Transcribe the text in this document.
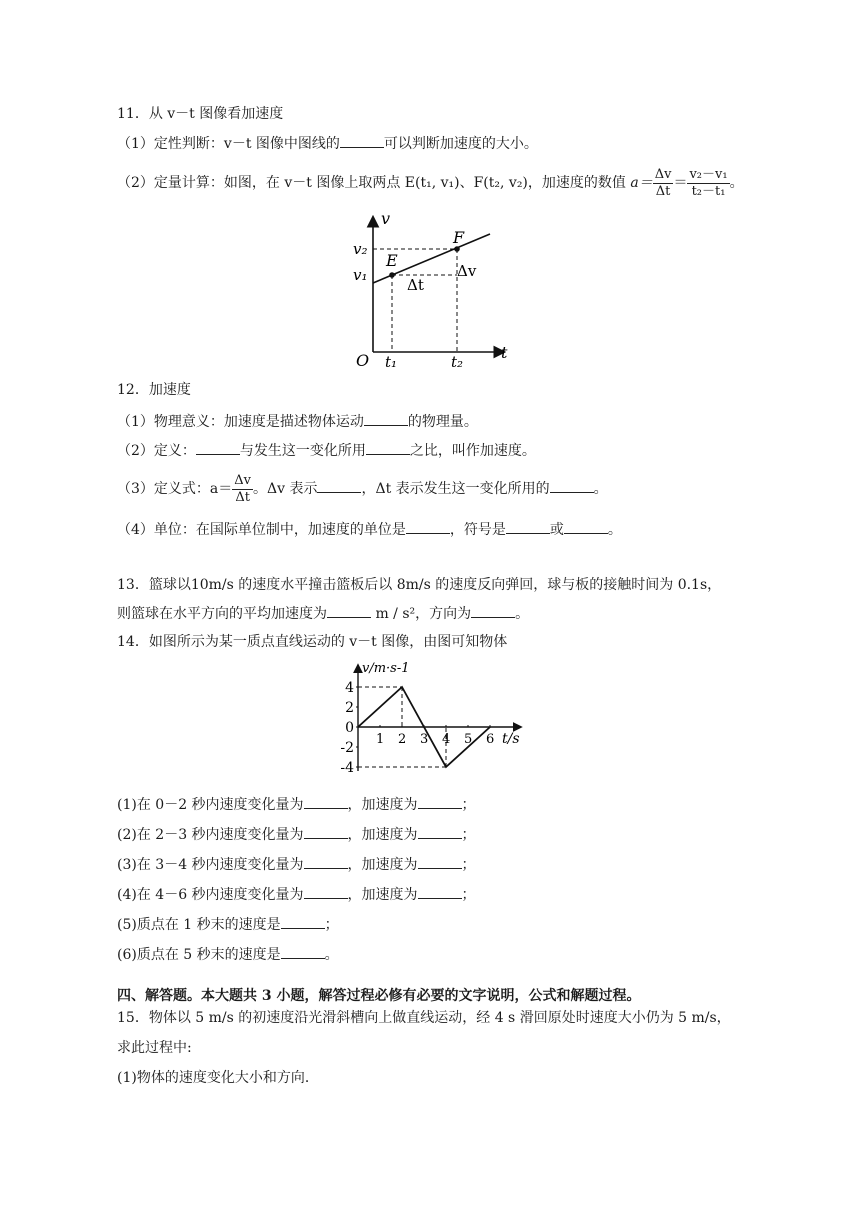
11．从 v－t 图像看加速度
（1）定性判断：v－t 图像中图线的	可以判断加速度的大小。
（2）定量计算：如图，在 v－t 图像上取两点 E(t₁, v₁)、F(t₂, v₂)，加速度的数值 $a= \frac{\Delta v}{\Delta t} = \frac{\text{v₂－v₁}}{\text{t₂－t₁}}$ 。
v
t
O
v₂
v₁
t₁	t₂
E
F
Δv
Δt
12．加速度
（1）物理意义：加速度是描述物体运动	的物理量。
（2）定义：	与发生这一变化所用	之比，叫作加速度。
（3）定义式：$a= \frac{\Delta v}{\Delta t}$ 。Δv 表示	，Δt 表示发生这一变化所用的	。
（4）单位：在国际单位制中，加速度的单位是	，符号是	或	。
13．篮球以10m/s 的速度水平撞击篮板后以 8m/s 的速度反向弹回，球与板的接触时间为 0.1s，
则篮球在水平方向的平均加速度为	m / s²，方向为	。
14．如图所示为某一质点直线运动的 v－t 图像，由图可知物体
4
2
0
-2
-4
1 2 3 4 5 6
v/m·s-1
t/s
(1)在 0－2 秒内速度变化量为	，加速度为	；
(2)在 2－3 秒内速度变化量为	，加速度为	；
(3)在 3－4 秒内速度变化量为	，加速度为	；
(4)在 4－6 秒内速度变化量为	，加速度为	；
(5)质点在 1 秒末的速度是	；
(6)质点在 5 秒末的速度是	。
四、解答题。本大题共 3 小题，解答过程必修有必要的文字说明，公式和解题过程。
15．物体以 5 m/s 的初速度沿光滑斜槽向上做直线运动，经 4 s 滑回原处时速度大小仍为 5 m/s，
求此过程中:
(1)物体的速度变化大小和方向．
